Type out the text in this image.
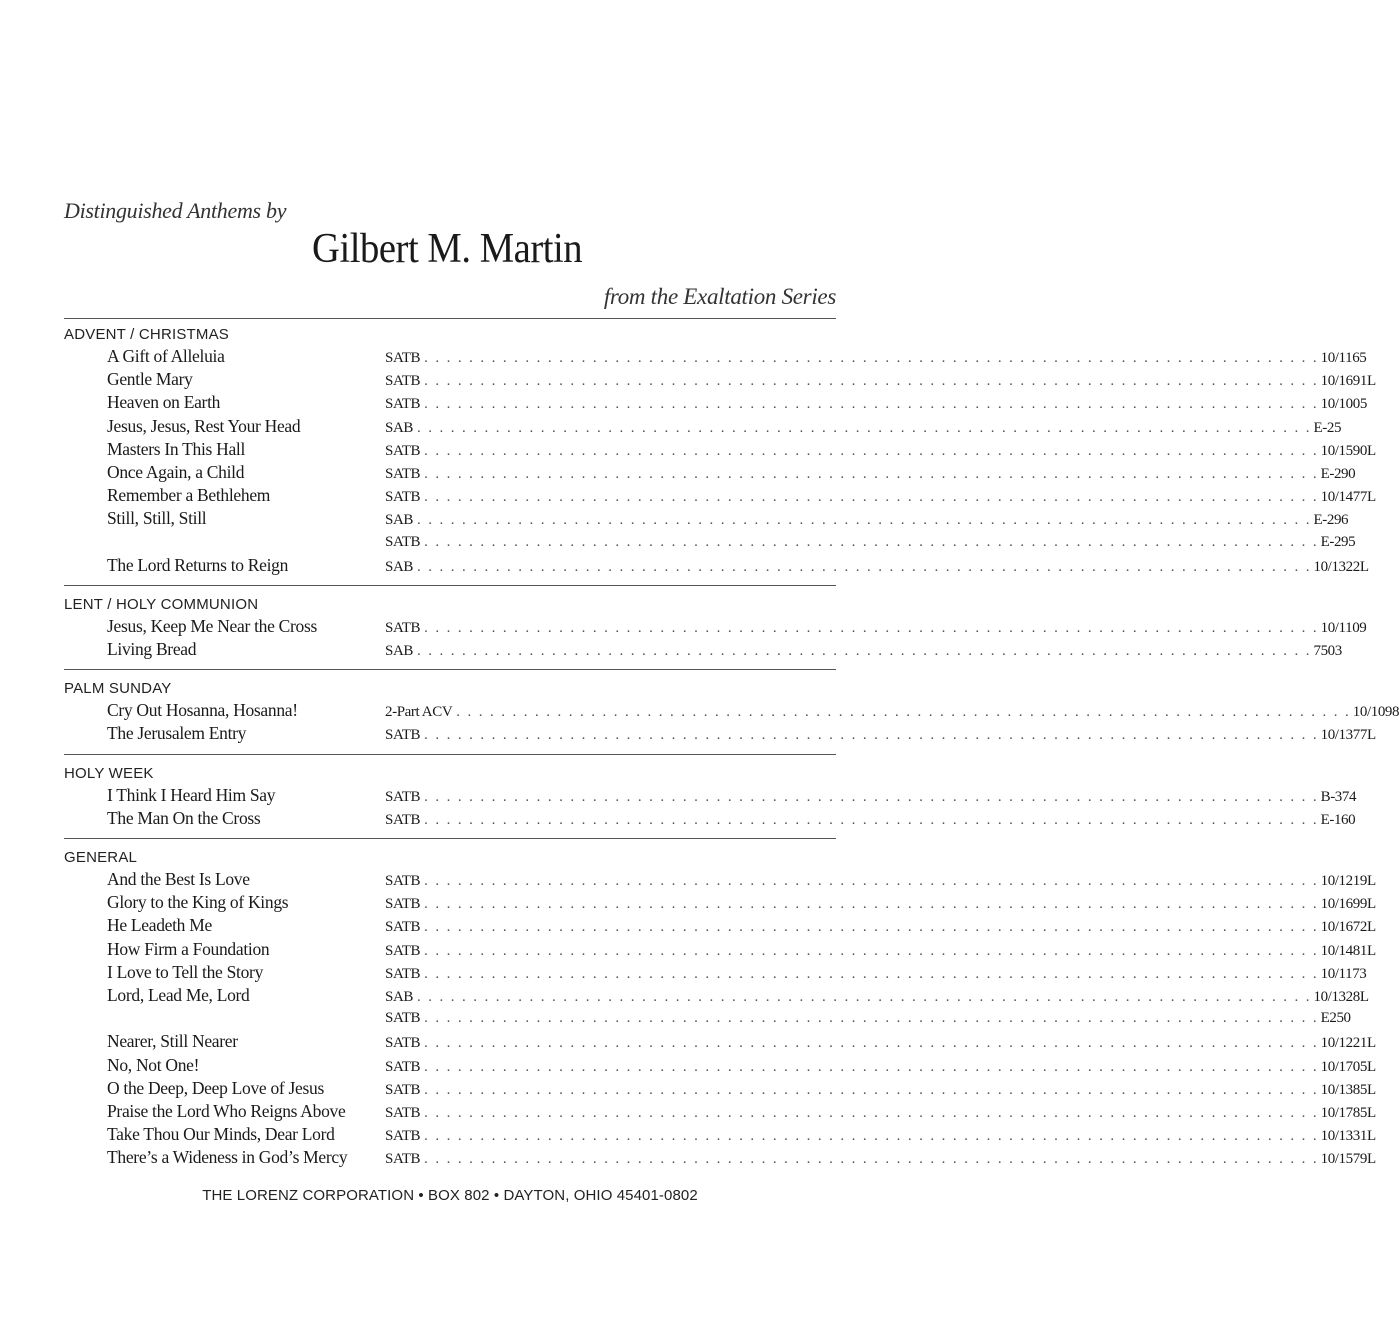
Distinguished Anthems by
Gilbert M. Martin
from the Exaltation Series
ADVENT / CHRISTMAS
A Gift of Alleluia	SATB . . . . . . . . . . . . . . . . . . . . . . . . . . . . . . . . . . . . . . . . . . . . . . . . . . . . . . . . . . . . . . . . . . . . . . . . . . . . . . . . 10/1165
Gentle Mary	SATB . . . . . . . . . . . . . . . . . . . . . . . . . . . . . . . . . . . . . . . . . . . . . . . . . . . . . . . . . . . . . . . . . . . . . . . . . . . . . . . . 10/1691L
Heaven on Earth	SATB . . . . . . . . . . . . . . . . . . . . . . . . . . . . . . . . . . . . . . . . . . . . . . . . . . . . . . . . . . . . . . . . . . . . . . . . . . . . . . . . 10/1005
Jesus, Jesus, Rest Your Head	SAB . . . . . . . . . . . . . . . . . . . . . . . . . . . . . . . . . . . . . . . . . . . . . . . . . . . . . . . . . . . . . . . . . . . . . . . . . . . . . . . . E-25
Masters In This Hall	SATB . . . . . . . . . . . . . . . . . . . . . . . . . . . . . . . . . . . . . . . . . . . . . . . . . . . . . . . . . . . . . . . . . . . . . . . . . . . . . . . . 10/1590L
Once Again, a Child	SATB . . . . . . . . . . . . . . . . . . . . . . . . . . . . . . . . . . . . . . . . . . . . . . . . . . . . . . . . . . . . . . . . . . . . . . . . . . . . . . . . E-290
Remember a Bethlehem	SATB . . . . . . . . . . . . . . . . . . . . . . . . . . . . . . . . . . . . . . . . . . . . . . . . . . . . . . . . . . . . . . . . . . . . . . . . . . . . . . . . 10/1477L
Still, Still, Still	SAB . . . . . . . . . . . . . . . . . . . . . . . . . . . . . . . . . . . . . . . . . . . . . . . . . . . . . . . . . . . . . . . . . . . . . . . . . . . . . . . . E-296
SATB . . . . . . . . . . . . . . . . . . . . . . . . . . . . . . . . . . . . . . . . . . . . . . . . . . . . . . . . . . . . . . . . . . . . . . . . . . . . . . . . E-295
The Lord Returns to Reign	SAB . . . . . . . . . . . . . . . . . . . . . . . . . . . . . . . . . . . . . . . . . . . . . . . . . . . . . . . . . . . . . . . . . . . . . . . . . . . . . . . . 10/1322L
LENT / HOLY COMMUNION
Jesus, Keep Me Near the Cross	SATB . . . . . . . . . . . . . . . . . . . . . . . . . . . . . . . . . . . . . . . . . . . . . . . . . . . . . . . . . . . . . . . . . . . . . . . . . . . . . . . . 10/1109
Living Bread	SAB . . . . . . . . . . . . . . . . . . . . . . . . . . . . . . . . . . . . . . . . . . . . . . . . . . . . . . . . . . . . . . . . . . . . . . . . . . . . . . . . 7503
PALM SUNDAY
Cry Out Hosanna, Hosanna!	2-Part ACV . . . . . . . . . . . . . . . . . . . . . . . . . . . . . . . . . . . . . . . . . . . . . . . . . . . . . . . . . . . . . . . . . . . . . . . . . . . . . . . . 10/1098
The Jerusalem Entry	SATB . . . . . . . . . . . . . . . . . . . . . . . . . . . . . . . . . . . . . . . . . . . . . . . . . . . . . . . . . . . . . . . . . . . . . . . . . . . . . . . . 10/1377L
HOLY WEEK
I Think I Heard Him Say	SATB . . . . . . . . . . . . . . . . . . . . . . . . . . . . . . . . . . . . . . . . . . . . . . . . . . . . . . . . . . . . . . . . . . . . . . . . . . . . . . . . B-374
The Man On the Cross	SATB . . . . . . . . . . . . . . . . . . . . . . . . . . . . . . . . . . . . . . . . . . . . . . . . . . . . . . . . . . . . . . . . . . . . . . . . . . . . . . . . E-160
GENERAL
And the Best Is Love	SATB . . . . . . . . . . . . . . . . . . . . . . . . . . . . . . . . . . . . . . . . . . . . . . . . . . . . . . . . . . . . . . . . . . . . . . . . . . . . . . . . 10/1219L
Glory to the King of Kings	SATB . . . . . . . . . . . . . . . . . . . . . . . . . . . . . . . . . . . . . . . . . . . . . . . . . . . . . . . . . . . . . . . . . . . . . . . . . . . . . . . . 10/1699L
He Leadeth Me	SATB . . . . . . . . . . . . . . . . . . . . . . . . . . . . . . . . . . . . . . . . . . . . . . . . . . . . . . . . . . . . . . . . . . . . . . . . . . . . . . . . 10/1672L
How Firm a Foundation	SATB . . . . . . . . . . . . . . . . . . . . . . . . . . . . . . . . . . . . . . . . . . . . . . . . . . . . . . . . . . . . . . . . . . . . . . . . . . . . . . . . 10/1481L
I Love to Tell the Story	SATB . . . . . . . . . . . . . . . . . . . . . . . . . . . . . . . . . . . . . . . . . . . . . . . . . . . . . . . . . . . . . . . . . . . . . . . . . . . . . . . . 10/1173
Lord, Lead Me, Lord	SAB . . . . . . . . . . . . . . . . . . . . . . . . . . . . . . . . . . . . . . . . . . . . . . . . . . . . . . . . . . . . . . . . . . . . . . . . . . . . . . . . 10/1328L
SATB . . . . . . . . . . . . . . . . . . . . . . . . . . . . . . . . . . . . . . . . . . . . . . . . . . . . . . . . . . . . . . . . . . . . . . . . . . . . . . . . E250
Nearer, Still Nearer	SATB . . . . . . . . . . . . . . . . . . . . . . . . . . . . . . . . . . . . . . . . . . . . . . . . . . . . . . . . . . . . . . . . . . . . . . . . . . . . . . . . 10/1221L
No, Not One!	SATB . . . . . . . . . . . . . . . . . . . . . . . . . . . . . . . . . . . . . . . . . . . . . . . . . . . . . . . . . . . . . . . . . . . . . . . . . . . . . . . . 10/1705L
O the Deep, Deep Love of Jesus	SATB . . . . . . . . . . . . . . . . . . . . . . . . . . . . . . . . . . . . . . . . . . . . . . . . . . . . . . . . . . . . . . . . . . . . . . . . . . . . . . . . 10/1385L
Praise the Lord Who Reigns Above	SATB . . . . . . . . . . . . . . . . . . . . . . . . . . . . . . . . . . . . . . . . . . . . . . . . . . . . . . . . . . . . . . . . . . . . . . . . . . . . . . . . 10/1785L
Take Thou Our Minds, Dear Lord	SATB . . . . . . . . . . . . . . . . . . . . . . . . . . . . . . . . . . . . . . . . . . . . . . . . . . . . . . . . . . . . . . . . . . . . . . . . . . . . . . . . 10/1331L
There’s a Wideness in God’s Mercy	SATB . . . . . . . . . . . . . . . . . . . . . . . . . . . . . . . . . . . . . . . . . . . . . . . . . . . . . . . . . . . . . . . . . . . . . . . . . . . . . . . . 10/1579L
THE LORENZ CORPORATION • BOX 802 • DAYTON, OHIO 45401-0802
